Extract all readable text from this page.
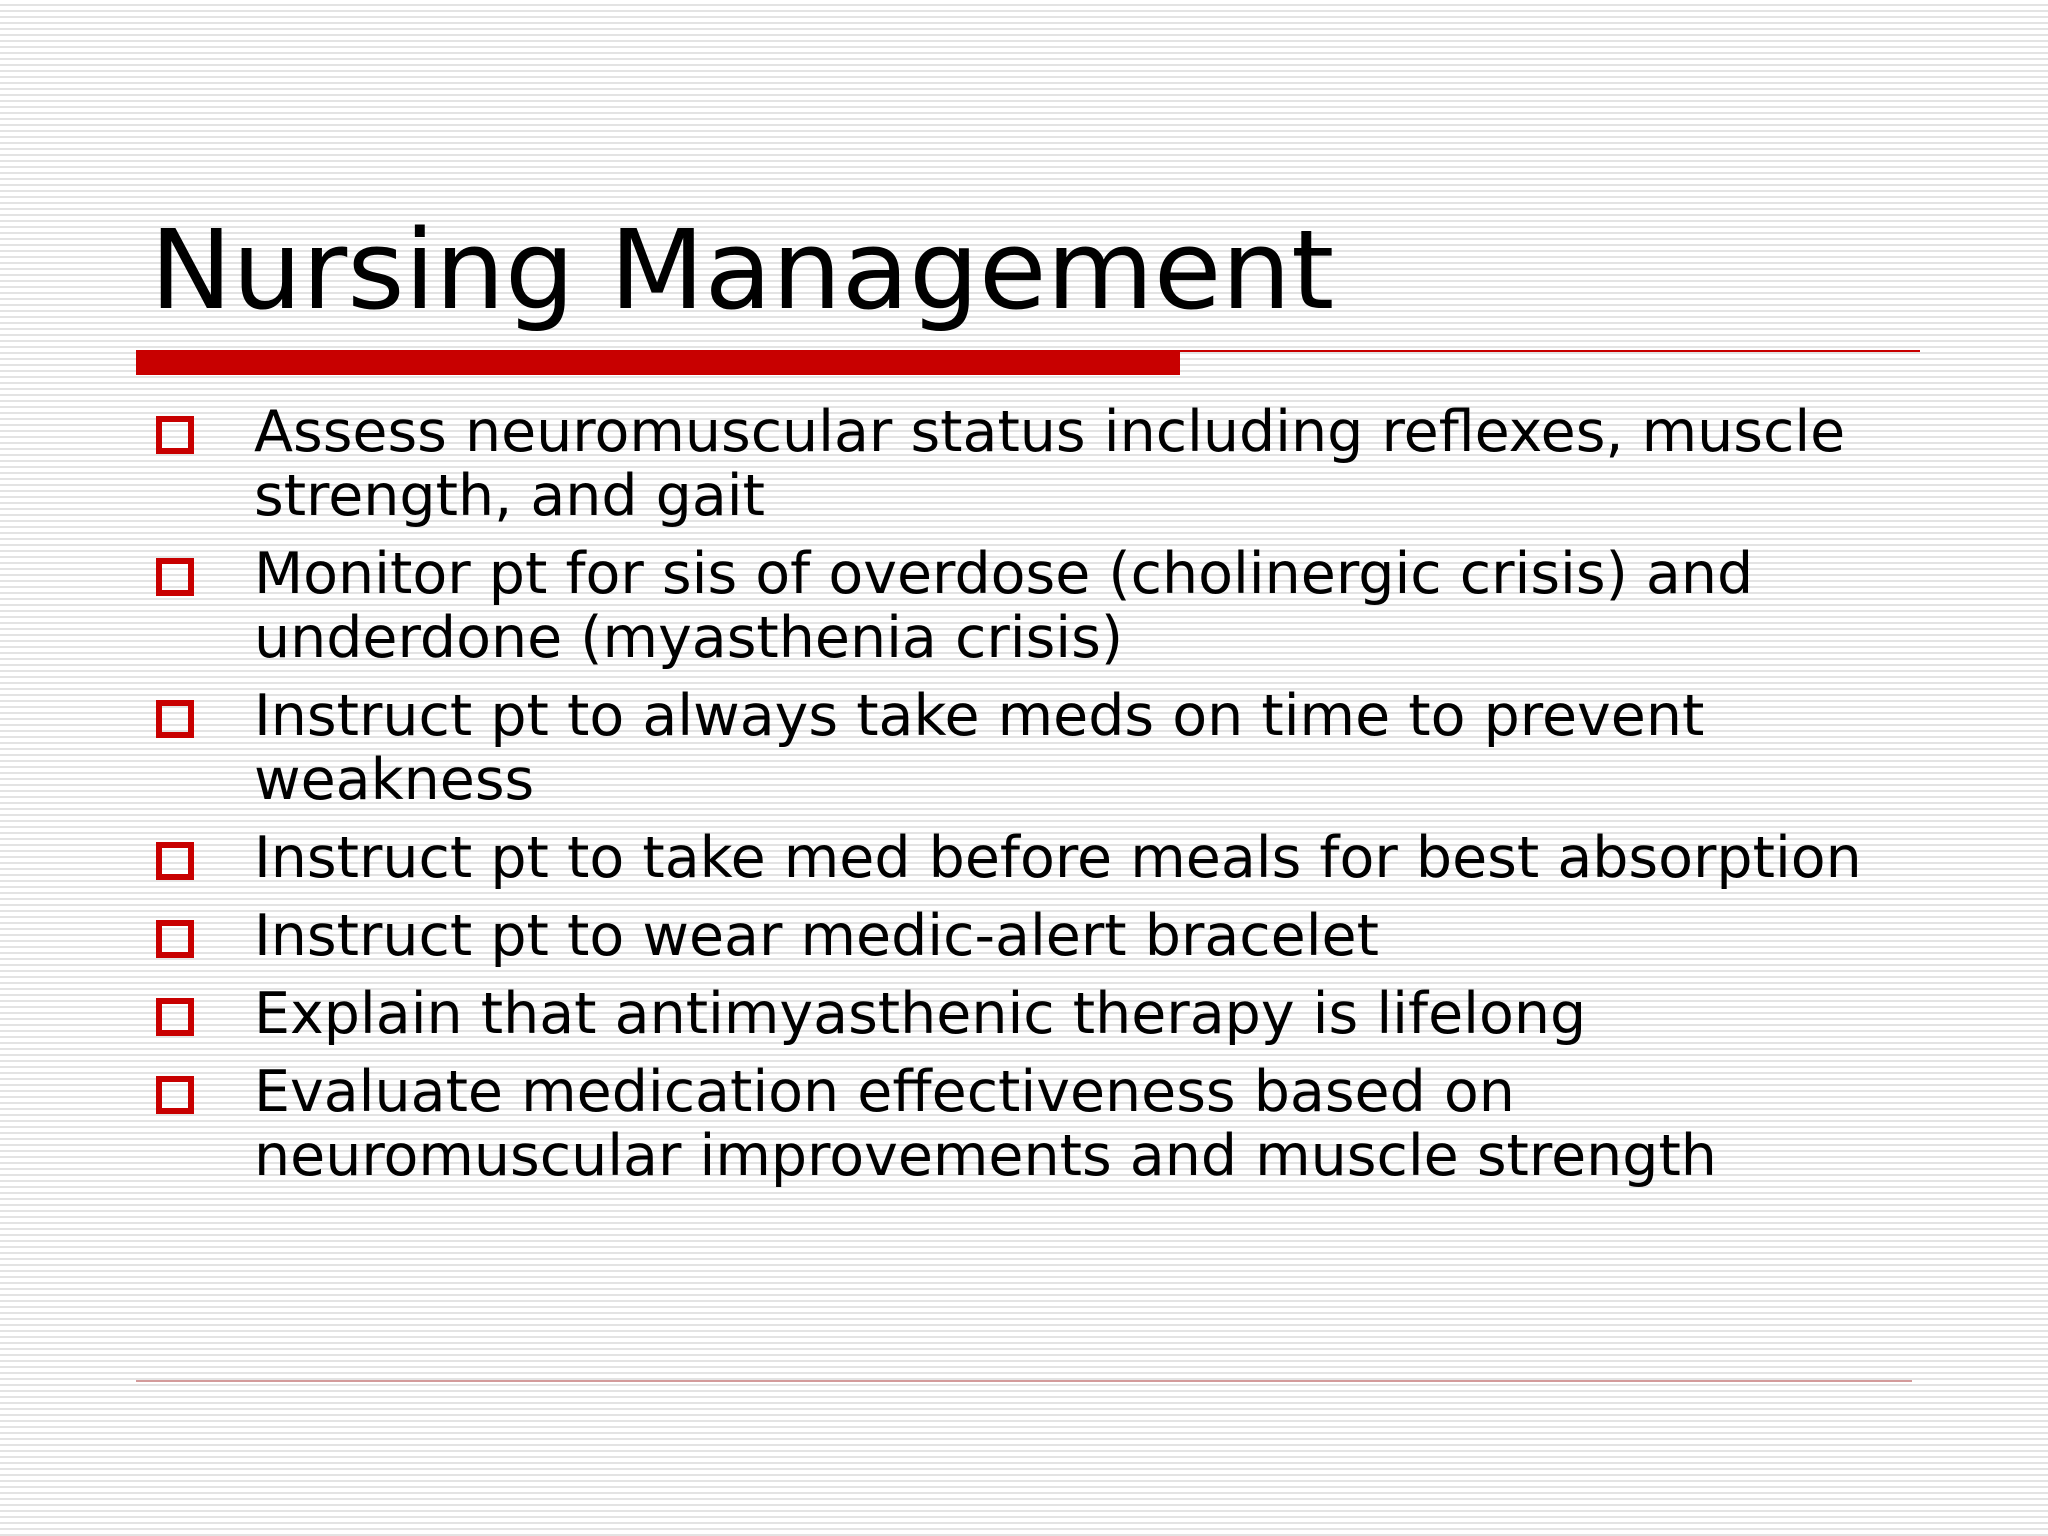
Nursing Management
Assess neuromuscular status including reflexes, muscle strength, and gait
Monitor pt for sis of overdose (cholinergic crisis) and underdone (myasthenia crisis)
Instruct pt to always take meds on time to prevent weakness
Instruct pt to take med before meals for best absorption
Instruct pt to wear medic-alert bracelet
Explain that antimyasthenic therapy is lifelong
Evaluate medication effectiveness based on neuromuscular improvements and muscle strength
